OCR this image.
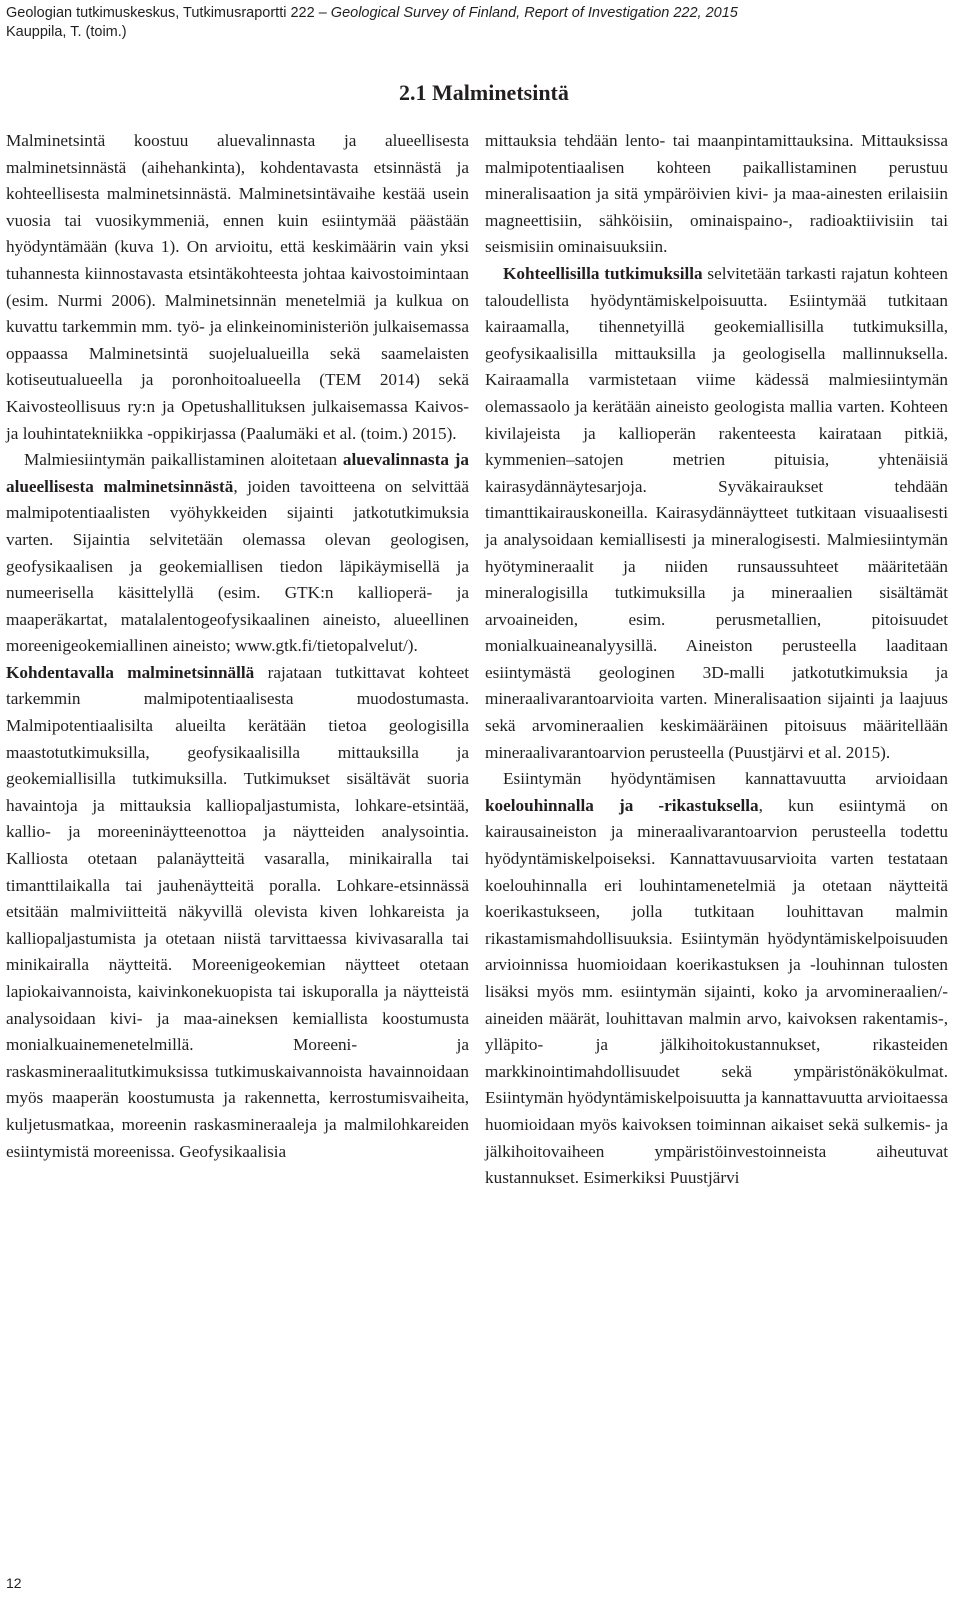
Geologian tutkimuskeskus, Tutkimusraportti 222 – Geological Survey of Finland, Report of Investigation 222, 2015
Kauppila, T. (toim.)
2.1 Malminetsintä

Malminetsintä koostuu aluevalinnasta ja alueellisesta malminetsinnästä (aihehankinta), kohdentavasta etsinnästä ja kohteellisesta malminetsinnästä. Malminetsintävaihe kestää usein vuosia tai vuosikymmeniä, ennen kuin esiintymää päästään hyödyntämään (kuva 1). On arvioitu, että keskimäärin vain yksi tuhannesta kiinnostavasta etsintäkohteesta johtaa kaivostoimintaan (esim. Nurmi 2006). Malminetsinnän menetelmiä ja kulkua on kuvattu tarkemmin mm. työ- ja elinkeinoministeriön julkaisemassa oppaassa Malminetsintä suojelualueilla sekä saamelaisten kotiseutualueella ja poronhoitoalueella (TEM 2014) sekä Kaivosteollisuus ry:n ja Opetushallituksen julkaisemassa Kaivos- ja louhintatekniikka -oppikirjassa (Paalumäki et al. (toim.) 2015).

Malmiesiintymän paikallistaminen aloitetaan aluevalinnasta ja alueellisesta malminetsinnästä, joiden tavoitteena on selvittää malmipotentiaalisten vyöhykkeiden sijainti jatkotutkimuksia varten. Sijaintia selvitetään olemassa olevan geologisen, geofysikaalisen ja geokemiallisen tiedon läpikäymisellä ja numeerisella käsittelyllä (esim. GTK:n kallioperä- ja maaperäkartat, matalalentogeofysikaalinen aineisto, alueellinen moreenigeokemiallinen aineisto; www.gtk.fi/tietopalvelut/).

Kohdentavalla malminetsinnällä rajataan tutkittavat kohteet tarkemmin malmipotentiaalisesta muodostumasta. Malmipotentiaalisilta alueilta kerätään tietoa geologisilla maastotutkimuksilla, geofysikaalisilla mittauksilla ja geokemiallisilla tutkimuksilla. Tutkimukset sisältävät suoria havaintoja ja mittauksia kalliopaljastumista, lohkare-etsintää, kallio- ja moreeninäytteenottoa ja näytteiden analysointia. Kalliosta otetaan palanäytteitä vasaralla, minikairalla tai timanttilaikalla tai jauhenäytteitä poralla. Lohkare-etsinnässä etsitään malmiviitteitä näkyvillä olevista kiven lohkareista ja kalliopaljastumista ja otetaan niistä tarvittaessa kivivasaralla tai minikairalla näytteitä. Moreenigeokemian näytteet otetaan lapiokaivannoista, kaivinkonekuopista tai iskuporalla ja näytteistä analysoidaan kivi- ja maa-aineksen kemiallista koostumusta monialkuainemenetelmillä. Moreeni- ja raskasmineraalitutkimuksissa tutkimuskaivannoista havainnoidaan myös maaperän koostumusta ja rakennetta, kerrostumisvaiheita, kuljetusmatkaa, moreenin raskasmineraaleja ja malmilohkareiden esiintymistä moreenissa. Geofysikaalisia

mittauksia tehdään lento- tai maanpintamittauksina. Mittauksissa malmipotentiaalisen kohteen paikallistaminen perustuu mineralisaation ja sitä ympäröivien kivi- ja maa-ainesten erilaisiin magneettisiin, sähköisiin, ominaispaino-, radioaktiivisiin tai seismisiin ominaisuuksiin.

Kohteellisilla tutkimuksilla selvitetään tarkasti rajatun kohteen taloudellista hyödyntämiskelpoisuutta. Esiintymää tutkitaan kairaamalla, tihennetyillä geokemiallisilla tutkimuksilla, geofysikaalisilla mittauksilla ja geologisella mallinnuksella. Kairaamalla varmistetaan viime kädessä malmiesiintymän olemassaolo ja kerätään aineisto geologista mallia varten. Kohteen kivilajeista ja kallioperän rakenteesta kairataan pitkiä, kymmenien–satojen metrien pituisia, yhtenäisiä kairasydännäytesarjoja. Syväkairaukset tehdään timanttikairauskoneilla. Kairasydännäytteet tutkitaan visuaalisesti ja analysoidaan kemiallisesti ja mineralogisesti. Malmiesiintymän hyötymineraalit ja niiden runsaussuhteet määritetään mineralogisilla tutkimuksilla ja mineraalien sisältämät arvoaineiden, esim. perusmetallien, pitoisuudet monialkuaineanalyysillä. Aineiston perusteella laaditaan esiintymästä geologinen 3D-malli jatkotutkimuksia ja mineraalivarantoarvioita varten. Mineralisaation sijainti ja laajuus sekä arvomineraalien keskimääräinen pitoisuus määritellään mineraalivarantoarvion perusteella (Puustjärvi et al. 2015).

Esiintymän hyödyntämisen kannattavuutta arvioidaan koelouhinnalla ja -rikastuksella, kun esiintymä on kairausaineiston ja mineraalivarantoarvion perusteella todettu hyödyntämiskelpoiseksi. Kannattavuusarvioita varten testataan koelouhinnalla eri louhintamenetelmiä ja otetaan näytteitä koerikastukseen, jolla tutkitaan louhittavan malmin rikastamismahdollisuuksia. Esiintymän hyödyntämiskelpoisuuden arvioinnissa huomioidaan koerikastuksen ja -louhinnan tulosten lisäksi myös mm. esiintymän sijainti, koko ja arvomineraalien/-aineiden määrät, louhittavan malmin arvo, kaivoksen rakentamis-, ylläpito- ja jälkihoitokustannukset, rikasteiden markkinointimahdollisuudet sekä ympäristönäkökulmat. Esiintymän hyödyntämiskelpoisuutta ja kannattavuutta arvioitaessa huomioidaan myös kaivoksen toiminnan aikaiset sekä sulkemis- ja jälkihoitovaiheen ympäristöinvestoinneista aiheutuvat kustannukset. Esimerkiksi Puustjärvi

12
